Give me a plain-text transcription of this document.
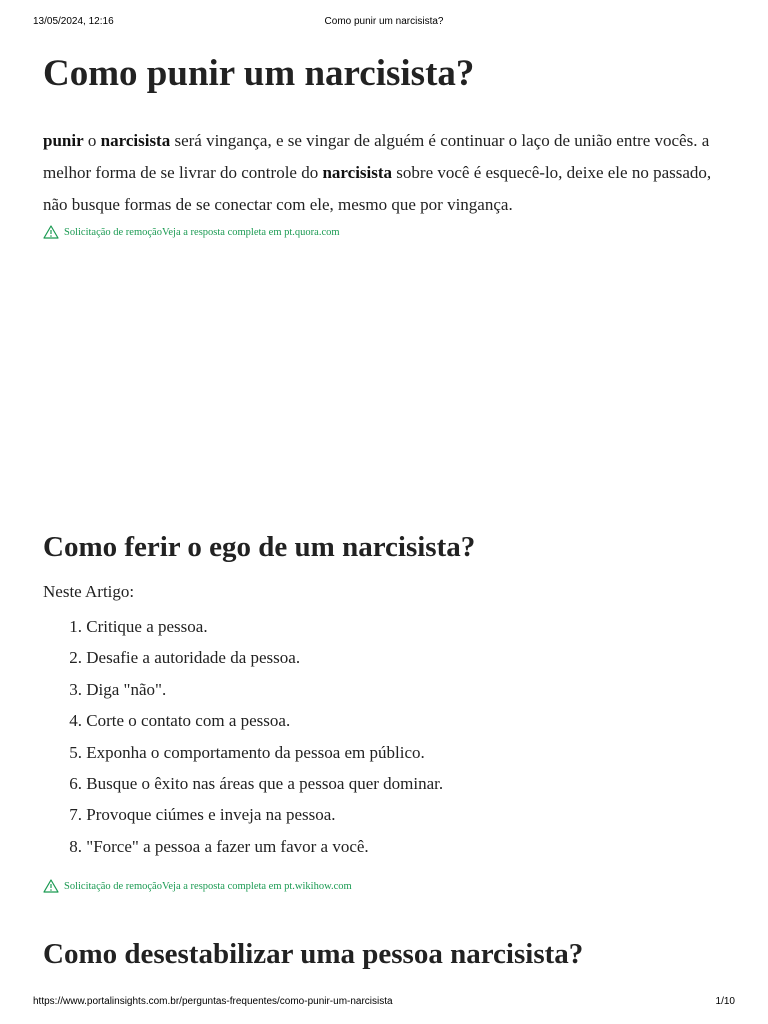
13/05/2024, 12:16	Como punir um narcisista?
Como punir um narcisista?

punir o narcisista será vingança, e se vingar de alguém é continuar o laço de união entre vocês. a melhor forma de se livrar do controle do narcisista sobre você é esquecê-lo, deixe ele no passado, não busque formas de se conectar com ele, mesmo que por vingança.

Solicitação de remoção Veja a resposta completa em pt.quora.com
Como ferir o ego de um narcisista?

Neste Artigo:

1. Critique a pessoa.
2. Desafie a autoridade da pessoa.
3. Diga "não".
4. Corte o contato com a pessoa.
5. Exponha o comportamento da pessoa em público.
6. Busque o êxito nas áreas que a pessoa quer dominar.
7. Provoque ciúmes e inveja na pessoa.
8. "Force" a pessoa a fazer um favor a você.
Solicitação de remoção Veja a resposta completa em pt.wikihow.com
Como desestabilizar uma pessoa narcisista?
https://www.portalinsights.com.br/perguntas-frequentes/como-punir-um-narcisista	1/10
